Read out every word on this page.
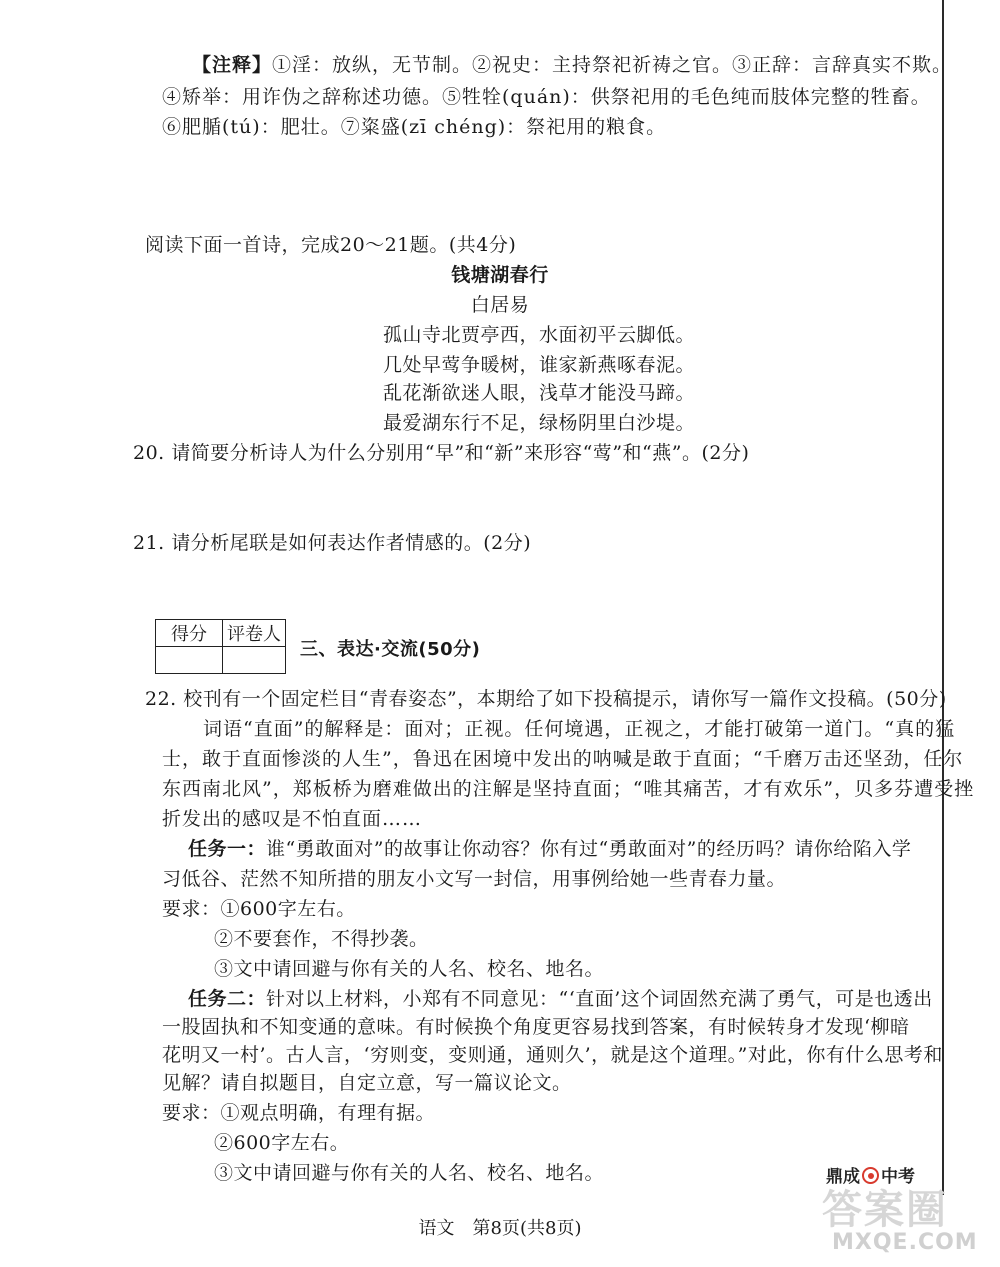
【注释】①淫：放纵，无节制。②祝史：主持祭祀祈祷之官。③正辞：言辞真实不欺。
④矫举：用诈伪之辞称述功德。⑤牲牷(quán)：供祭祀用的毛色纯而肢体完整的牲畜。
⑥肥腯(tú)：肥壮。⑦粢盛(zī chéng)：祭祀用的粮食。
阅读下面一首诗，完成20～21题。(共4分)
钱塘湖春行
白居易
孤山寺北贾亭西，水面初平云脚低。
几处早莺争暖树，谁家新燕啄春泥。
乱花渐欲迷人眼，浅草才能没马蹄。
最爱湖东行不足，绿杨阴里白沙堤。
20. 请简要分析诗人为什么分别用“早”和“新”来形容“莺”和“燕”。(2分)
21. 请分析尾联是如何表达作者情感的。(2分)
得分	评卷人

三、表达·交流(50分)
22. 校刊有一个固定栏目“青春姿态”，本期给了如下投稿提示，请你写一篇作文投稿。(50分)
词语“直面”的解释是：面对；正视。任何境遇，正视之，才能打破第一道门。“真的猛
士，敢于直面惨淡的人生”，鲁迅在困境中发出的呐喊是敢于直面；“千磨万击还坚劲，任尔
东西南北风”，郑板桥为磨难做出的注解是坚持直面；“唯其痛苦，才有欢乐”，贝多芬遭受挫
折发出的感叹是不怕直面……
任务一：谁“勇敢面对”的故事让你动容？你有过“勇敢面对”的经历吗？请你给陷入学
习低谷、茫然不知所措的朋友小文写一封信，用事例给她一些青春力量。
要求：①600字左右。
②不要套作，不得抄袭。
③文中请回避与你有关的人名、校名、地名。
任务二：针对以上材料，小郑有不同意见：“‘直面’这个词固然充满了勇气，可是也透出
一股固执和不知变通的意味。有时候换个角度更容易找到答案，有时候转身才发现‘柳暗
花明又一村’。古人言，‘穷则变，变则通，通则久’，就是这个道理。”对此，你有什么思考和
见解？请自拟题目，自定立意，写一篇议论文。
要求：①观点明确，有理有据。
②600字左右。
③文中请回避与你有关的人名、校名、地名。	鼎成 中考
答案圈
MXQE.COM
语文　第8页(共8页)
